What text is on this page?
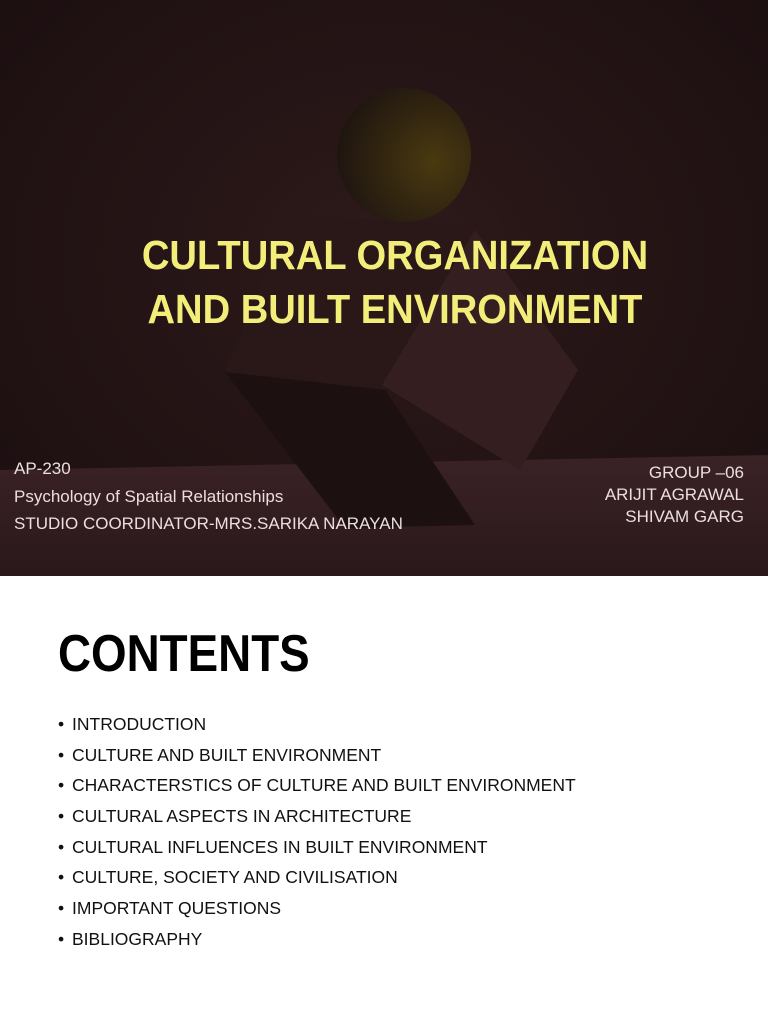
CULTURAL ORGANIZATION
AND BUILT ENVIRONMENT
AP-230
Psychology of Spatial Relationships
STUDIO COORDINATOR-MRS.SARIKA NARAYAN
GROUP –06
ARIJIT AGRAWAL
SHIVAM GARG
CONTENTS
• INTRODUCTION
• CULTURE AND BUILT ENVIRONMENT
• CHARACTERSTICS OF CULTURE AND BUILT ENVIRONMENT
• CULTURAL ASPECTS IN ARCHITECTURE
• CULTURAL INFLUENCES IN BUILT ENVIRONMENT
• CULTURE, SOCIETY AND CIVILISATION
• IMPORTANT QUESTIONS
• BIBLIOGRAPHY
